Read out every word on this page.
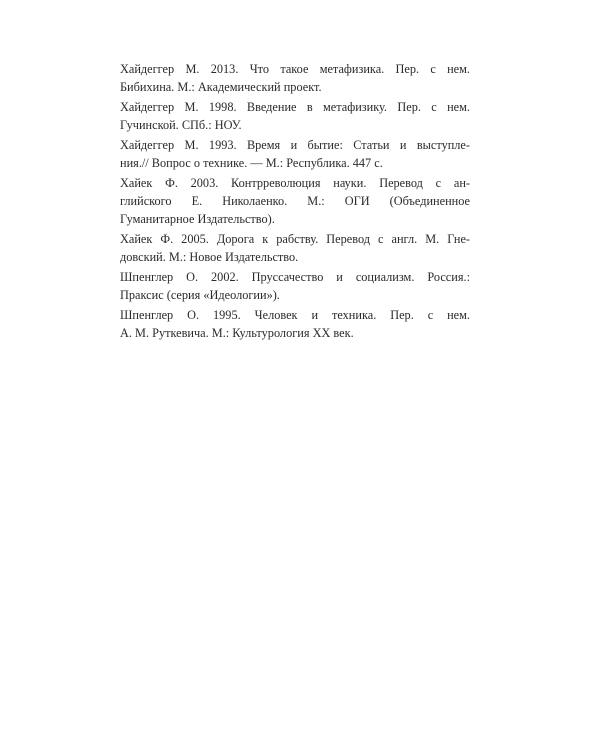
Хайдеггер М. 2013. Что такое метафизика. Пер. с нем.
Бибихина. М.: Академический проект.
Хайдеггер М. 1998. Введение в метафизику. Пер. с нем.
Гучинской. СПб.: НОУ.
Хайдеггер М. 1993. Время и бытие: Статьи и выступле-
ния.// Вопрос о технике. — М.: Республика. 447 с.
Хайек Ф. 2003. Контрреволюция науки. Перевод с ан-
глийского Е. Николаенко. М.: ОГИ (Объединенное
Гуманитарное Издательство).
Хайек Ф. 2005. Дорога к рабству. Перевод с англ. М. Гне-
довский. М.: Новое Издательство.
Шпенглер О. 2002. Пруссачество и социализм. Россия.:
Праксис (серия «Идеологии»).
Шпенглер О. 1995. Человек и техника. Пер. с нем.
А. М. Руткевича. М.: Культурология XX век.
